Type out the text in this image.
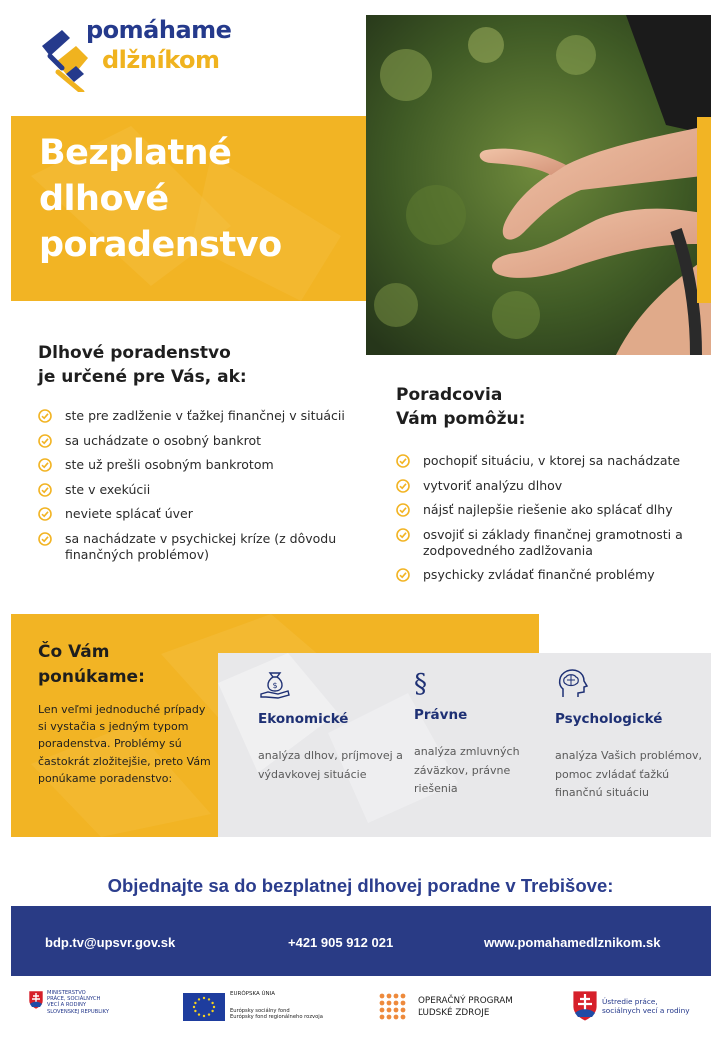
pomáhame
dlžníkom
Bezplatné
dlhové
poradenstvo
Dlhové poradenstvo
je určené pre Vás, ak:
ste pre zadlženie v ťažkej finančnej v situácii
sa uchádzate o osobný bankrot
ste už prešli osobným bankrotom
ste v exekúcii
neviete splácať úver
sa nachádzate v psychickej kríze (z dôvodu finančných problémov)
Poradcovia
Vám pomôžu:
pochopiť situáciu, v ktorej sa nachádzate
vytvoriť analýzu dlhov
nájsť najlepšie riešenie ako splácať dlhy
osvojiť si základy finančnej gramotnosti a zodpovedného zadlžovania
psychicky zvládať finančné problémy
Čo Vám
ponúkame:
Len veľmi jednoduché prípady si vystačia s jedným typom poradenstva. Problémy sú častokrát zložitejšie, preto Vám ponúkame poradenstvo:
$
Ekonomické
analýza dlhov, príjmovej a výdavkovej situácie
§
Právne
analýza zmluvných záväzkov, právne riešenia
Psychologické
analýza Vašich problémov, pomoc zvládať ťažkú finančnú situáciu
Objednajte sa do bezplatnej dlhovej poradne v Trebišove:
bdp.tv@upsvr.gov.sk	+421 905 912 021	www.pomahamedlznikom.sk
MINISTERSTVO
PRÁCE, SOCIÁLNYCH
VECÍ A RODINY
SLOVENSKEJ REPUBLIKY
EURÓPSKA ÚNIA
Európsky sociálny fond
Európsky fond regionálneho rozvoja
OPERAČNÝ PROGRAM
ĽUDSKÉ ZDROJE
Ústredie práce,
sociálnych vecí a rodiny
